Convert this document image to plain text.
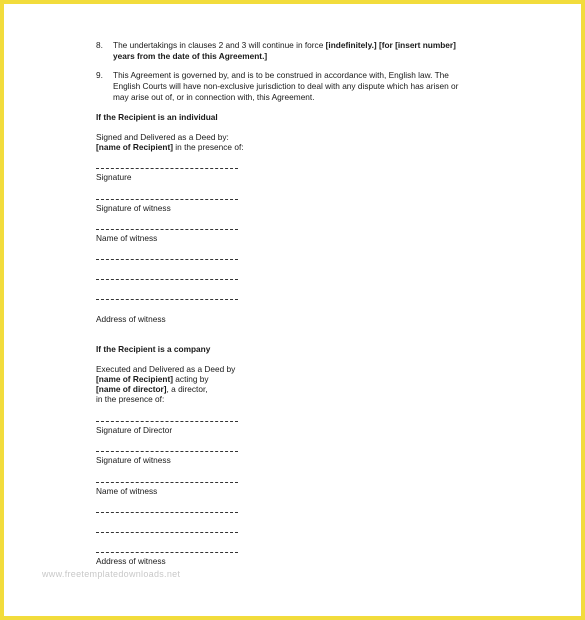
8.	The undertakings in clauses 2 and 3 will continue in force [indefinitely.] [for [insert number]
years from the date of this Agreement.]
9.	This Agreement is governed by, and is to be construed in accordance with, English law. The
English Courts will have non-exclusive jurisdiction to deal with any dispute which has arisen or
may arise out of, or in connection with, this Agreement.
If the Recipient is an individual
Signed and Delivered as a Deed by:
[name of Recipient] in the presence of:
Signature
Signature of witness
Name of witness
Address of witness
If the Recipient is a company
Executed and Delivered as a Deed by
[name of Recipient] acting by
[name of director], a director,
in the presence of:
Signature of Director
Signature of witness
Name of witness
Address of witness
www.freetemplatedownloads.net
